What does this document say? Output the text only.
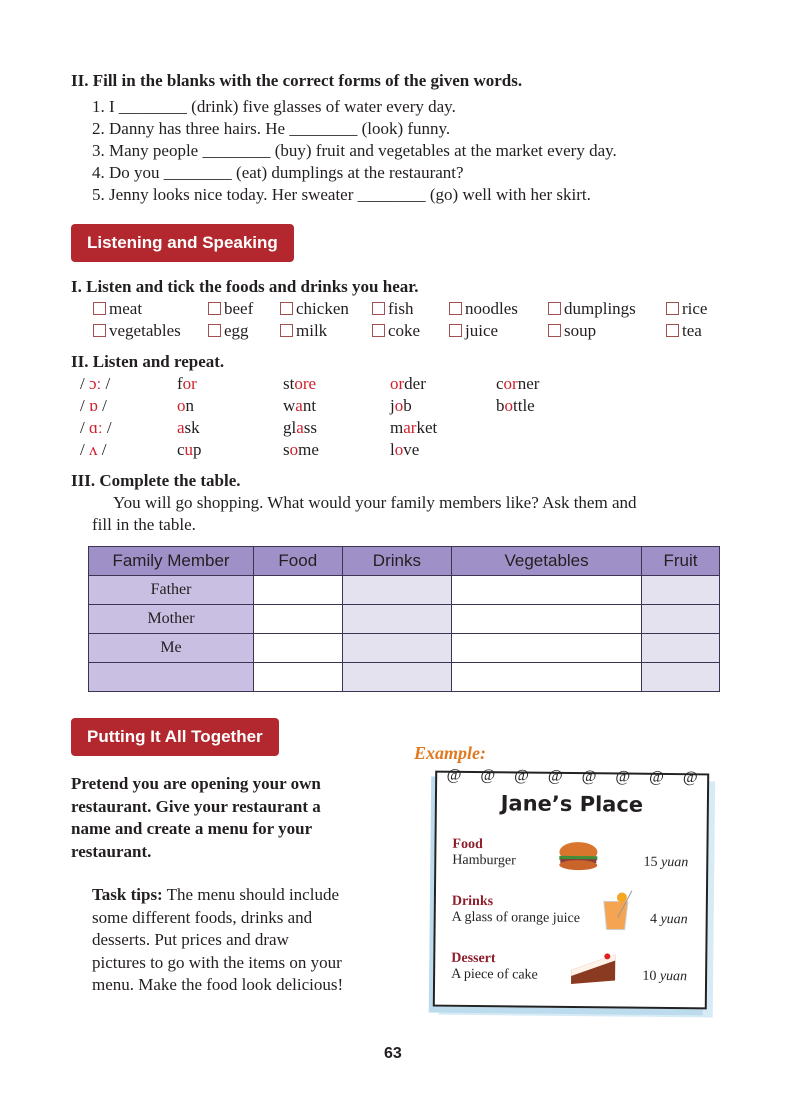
II. Fill in the blanks with the correct forms of the given words.
Listening and Speaking
I. Listen and tick the foods and drinks you hear.
II. Listen and repeat.
III. Complete the table.
You will go shopping. What would your family members like? Ask them and
fill in the table.
Family Member	Food	Drinks	Vegetables	Fruit
Father				
Mother				
Me				

Putting It All Together
Pretend you are opening your own
restaurant. Give your restaurant a
name and create a menu for your
restaurant.
Task tips: The menu should include
some different foods, drinks and
desserts. Put prices and draw
pictures to go with the items on your
menu. Make the food look delicious!
Example:
@ @ @ @ @ @ @ @
Jane’s Place
Food
Hamburger	15 yuan
Drinks
A glass of orange juice	4 yuan
Dessert
A piece of cake	10 yuan
63
1. I ________ (drink) five glasses of water every day.
2. Danny has three hairs. He ________ (look) funny.
3. Many people ________ (buy) fruit and vegetables at the market every day.
4. Do you ________ (eat) dumplings at the restaurant?
5. Jenny looks nice today. Her sweater ________ (go) well with her skirt.
meat	beef	chicken	fish	noodles	dumplings	rice
vegetables	egg	milk	coke	juice	soup	tea
/ ɔː /	for	store	order	corner
/ ɒ /	on	want	job	bottle
/ ɑː /	ask	glass	market
/ ʌ /	cup	some	love
